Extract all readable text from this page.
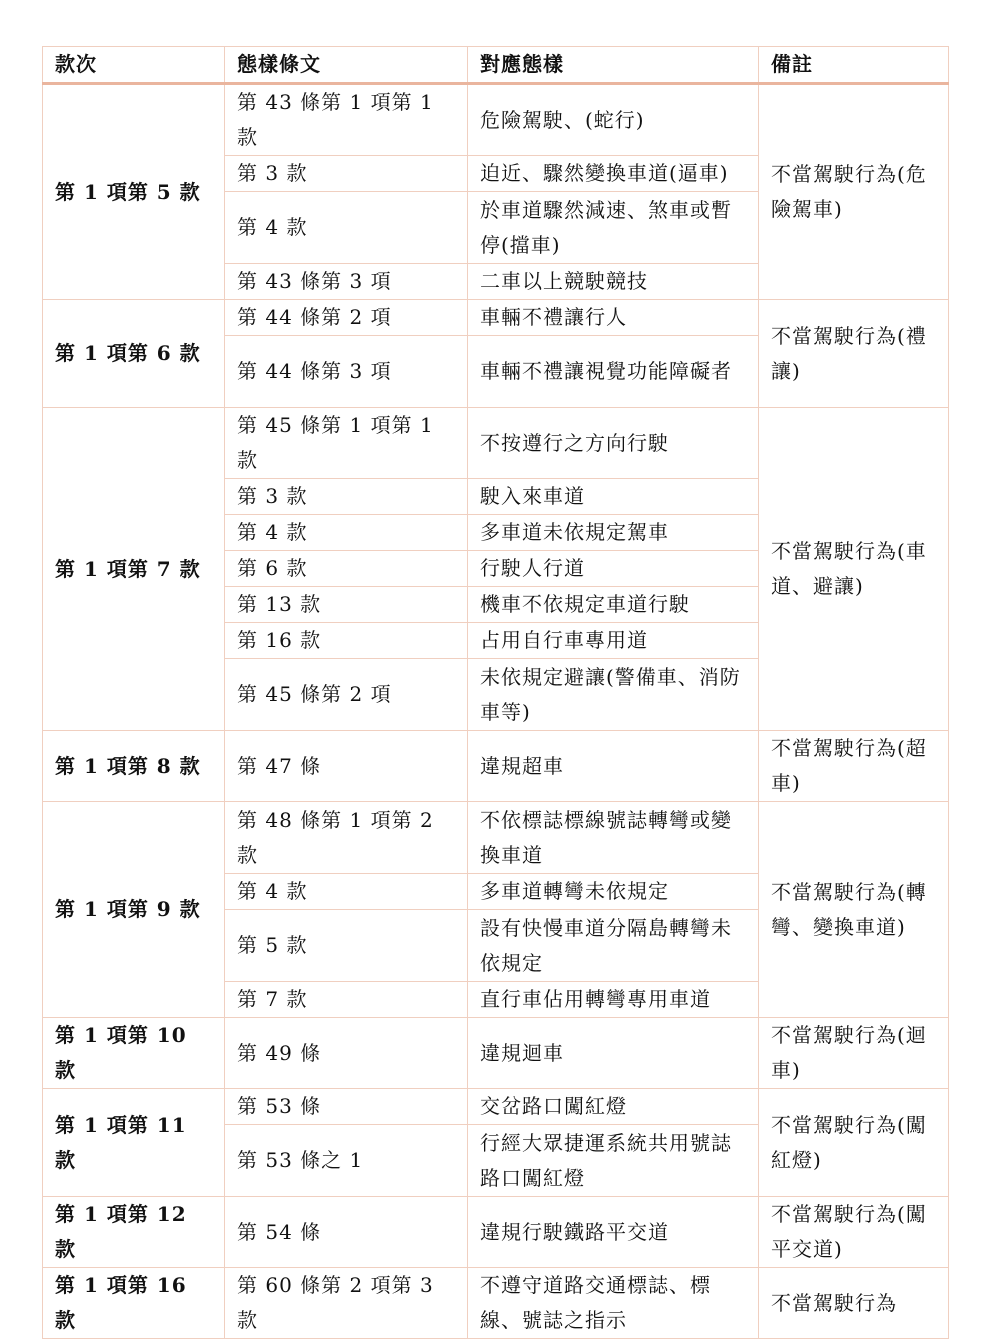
款次	態樣條文	對應態樣	備註
第 1 項第 5 款	第 43 條第 1 項第 1 款	危險駕駛、(蛇行)	不當駕駛行為(危險駕車)
	第 3 款	迫近、驟然變換車道(逼車)	
	第 4 款	於車道驟然減速、煞車或暫停(擋車)	
	第 43 條第 3 項	二車以上競駛競技	
第 1 項第 6 款	第 44 條第 2 項	車輛不禮讓行人	不當駕駛行為(禮讓)
	第 44 條第 3 項	車輛不禮讓視覺功能障礙者	
第 1 項第 7 款	第 45 條第 1 項第 1 款	不按遵行之方向行駛	不當駕駛行為(車道、避讓)
	第 3 款	駛入來車道	
	第 4 款	多車道未依規定駕車	
	第 6 款	行駛人行道	
	第 13 款	機車不依規定車道行駛	
	第 16 款	占用自行車專用道	
	第 45 條第 2 項	未依規定避讓(警備車、消防車等)	
第 1 項第 8 款	第 47 條	違規超車	不當駕駛行為(超車)
第 1 項第 9 款	第 48 條第 1 項第 2 款	不依標誌標線號誌轉彎或變換車道	不當駕駛行為(轉彎、變換車道)
	第 4 款	多車道轉彎未依規定	
	第 5 款	設有快慢車道分隔島轉彎未依規定	
	第 7 款	直行車佔用轉彎專用車道	
第 1 項第 10 款	第 49 條	違規迴車	不當駕駛行為(迴車)
第 1 項第 11 款	第 53 條	交岔路口闖紅燈	不當駕駛行為(闖紅燈)
	第 53 條之 1	行經大眾捷運系統共用號誌路口闖紅燈	
第 1 項第 12 款	第 54 條	違規行駛鐵路平交道	不當駕駛行為(闖平交道)
第 1 項第 16 款	第 60 條第 2 項第 3 款	不遵守道路交通標誌、標線、號誌之指示	不當駕駛行為
